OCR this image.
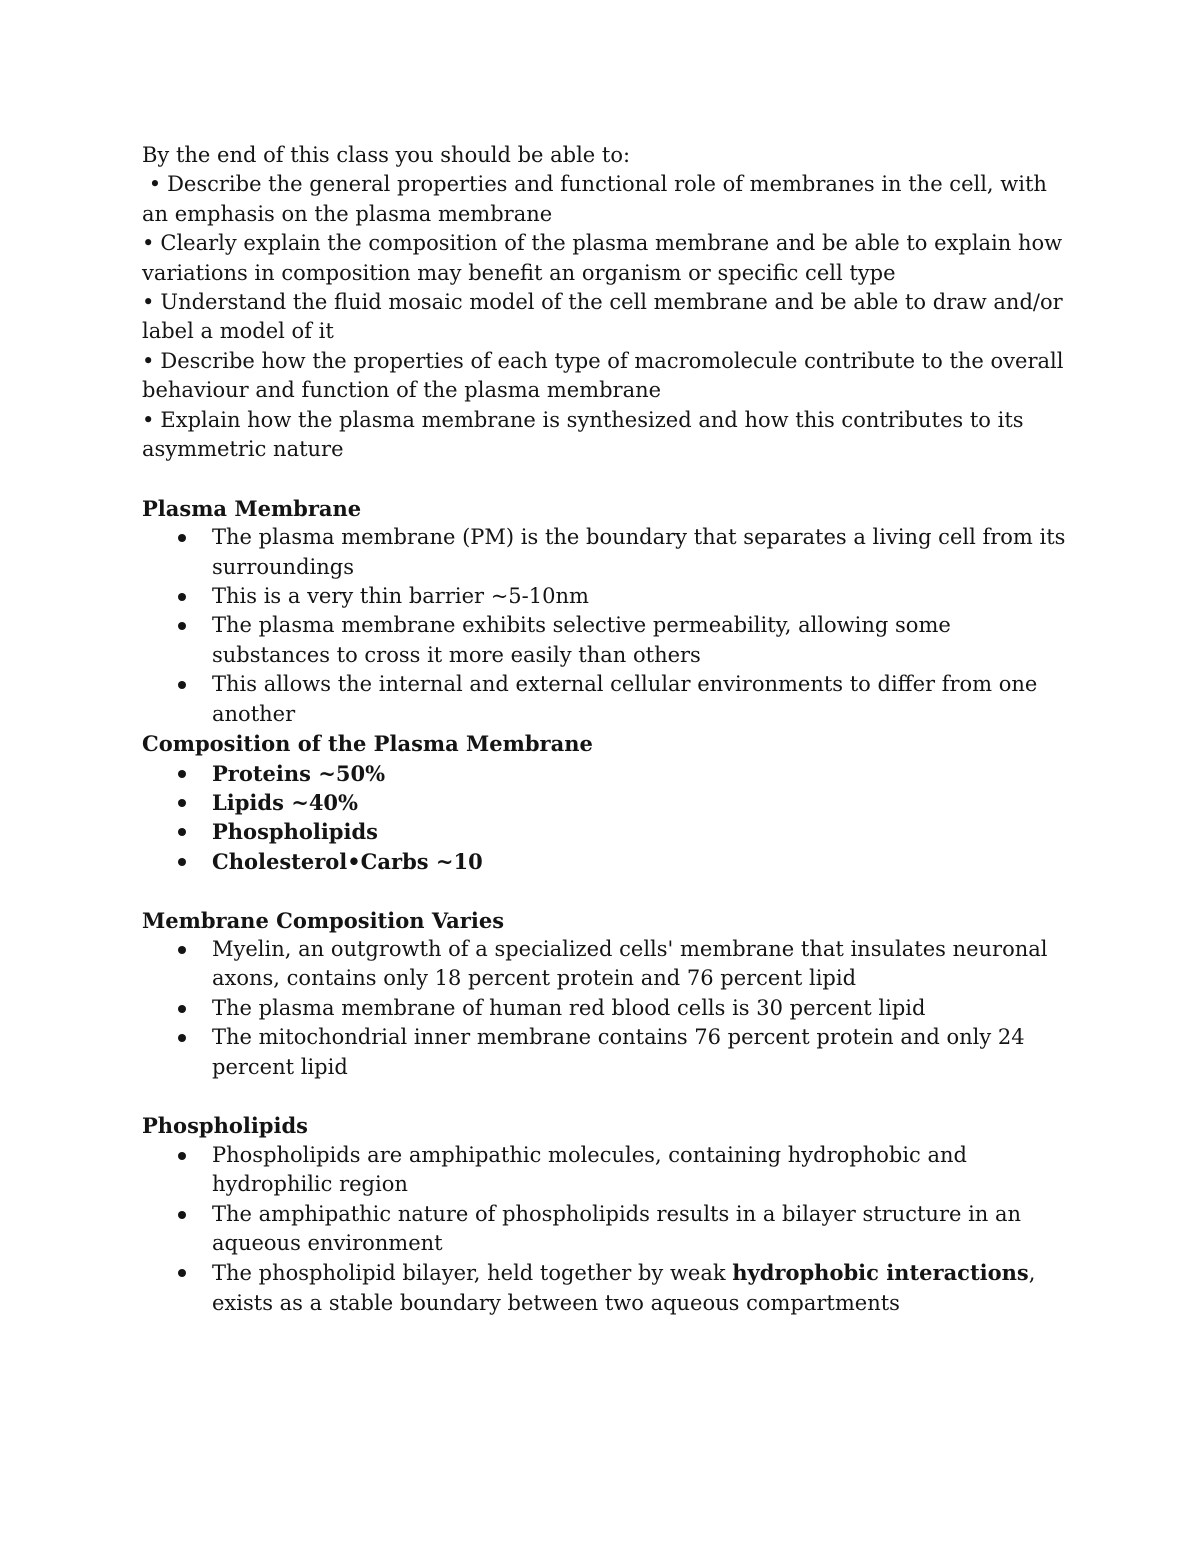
By the end of this class you should be able to:

• Describe the general properties and functional role of membranes in the cell, with an emphasis on the plasma membrane

• Clearly explain the composition of the plasma membrane and be able to explain how variations in composition may benefit an organism or specific cell type

• Understand the fluid mosaic model of the cell membrane and be able to draw and/or label a model of it

• Describe how the properties of each type of macromolecule contribute to the overall behaviour and function of the plasma membrane

• Explain how the plasma membrane is synthesized and how this contributes to its asymmetric nature

Plasma Membrane

The plasma membrane (PM) is the boundary that separates a living cell from its surroundings
This is a very thin barrier ~5-10nm
The plasma membrane exhibits selective permeability, allowing some substances to cross it more easily than others
This allows the internal and external cellular environments to differ from one another

Composition of the Plasma Membrane

Proteins ~50%
Lipids ~40%
Phospholipids
Cholesterol•Carbs ~10

Membrane Composition Varies

Myelin, an outgrowth of a specialized cells' membrane that insulates neuronal axons, contains only 18 percent protein and 76 percent lipid
The plasma membrane of human red blood cells is 30 percent lipid
The mitochondrial inner membrane contains 76 percent protein and only 24 percent lipid

Phospholipids

Phospholipids are amphipathic molecules, containing hydrophobic and hydrophilic region
The amphipathic nature of phospholipids results in a bilayer structure in an aqueous environment
The phospholipid bilayer, held together by weak hydrophobic interactions, exists as a stable boundary between two aqueous compartments
